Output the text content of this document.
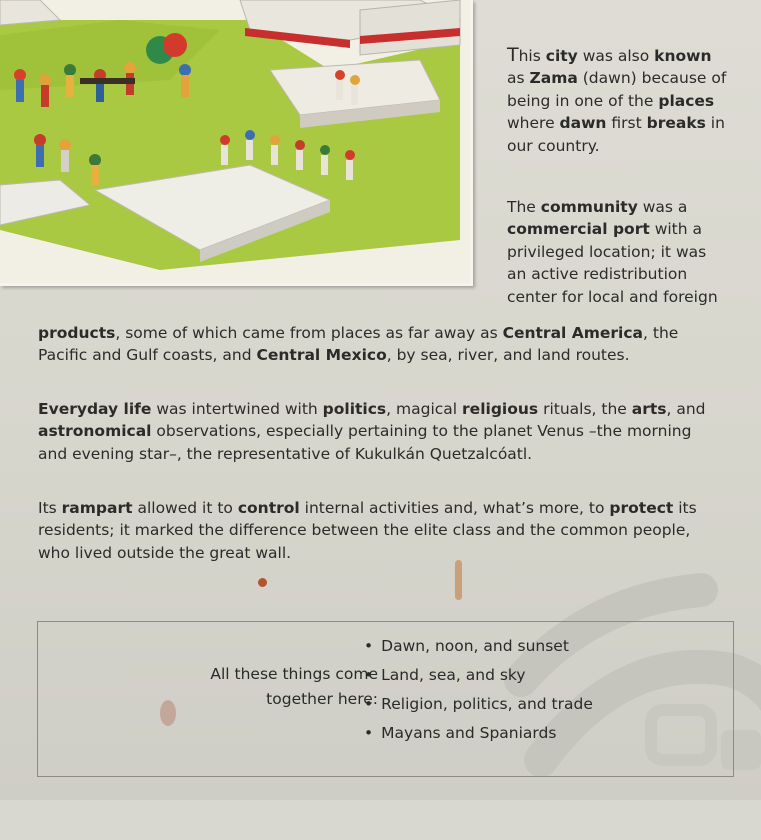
This city was also known
as Zama (dawn) because of
being in one of the places
where dawn first breaks in
our country.

The community was a
commercial port with a
privileged location; it was
an active redistribution
center for local and foreign

products, some of which came from places as far away as Central America, the
Pacific and Gulf coasts, and Central Mexico, by sea, river, and land routes.

Everyday life was intertwined with politics, magical religious rituals, the arts, and
astronomical observations, especially pertaining to the planet Venus –the morning
and evening star–, the representative of Kukulkán Quetzalcóatl.

Its rampart allowed it to control internal activities and, what’s more, to protect its
residents; it marked the difference between the elite class and the common people,
who lived outside the great wall.

All these things come
together here:
• Dawn, noon, and sunset
• Land, sea, and sky
• Religion, politics, and trade
• Mayans and Spaniards
